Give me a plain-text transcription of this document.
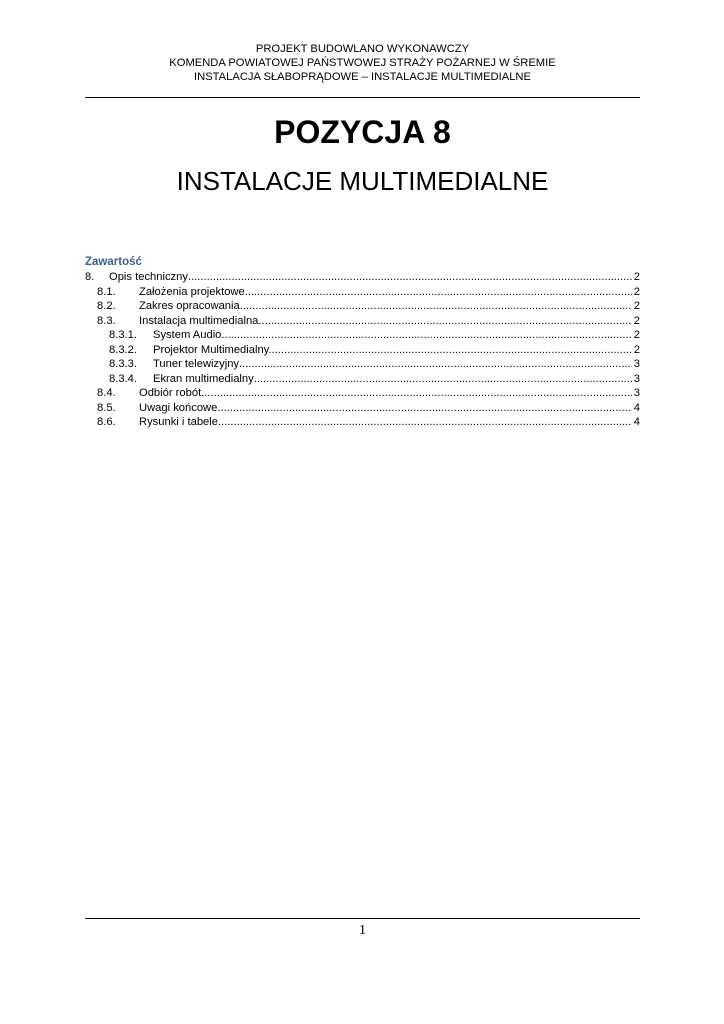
PROJEKT BUDOWLANO WYKONAWCZY
KOMENDA POWIATOWEJ PAŃSTWOWEJ STRAŻY POŻARNEJ W ŚREMIE
INSTALACJA SŁABOPRĄDOWE – INSTALACJE MULTIMEDIALNE
POZYCJA 8
INSTALACJE MULTIMEDIALNE
Zawartość
8.	Opis techniczny .....	2
8.1.	Założenia projektowe .....	2
8.2.	Zakres opracowania .....	2
8.3.	Instalacja multimedialna .....	2
8.3.1.	System Audio .....	2
8.3.2.	Projektor Multimedialny. .....	2
8.3.3.	Tuner telewizyjny .....	3
8.3.4.	Ekran multimedialny .....	3
8.4.	Odbiór robót .....	3
8.5.	Uwagi końcowe .....	4
8.6.	Rysunki i tabele .....	4
1
